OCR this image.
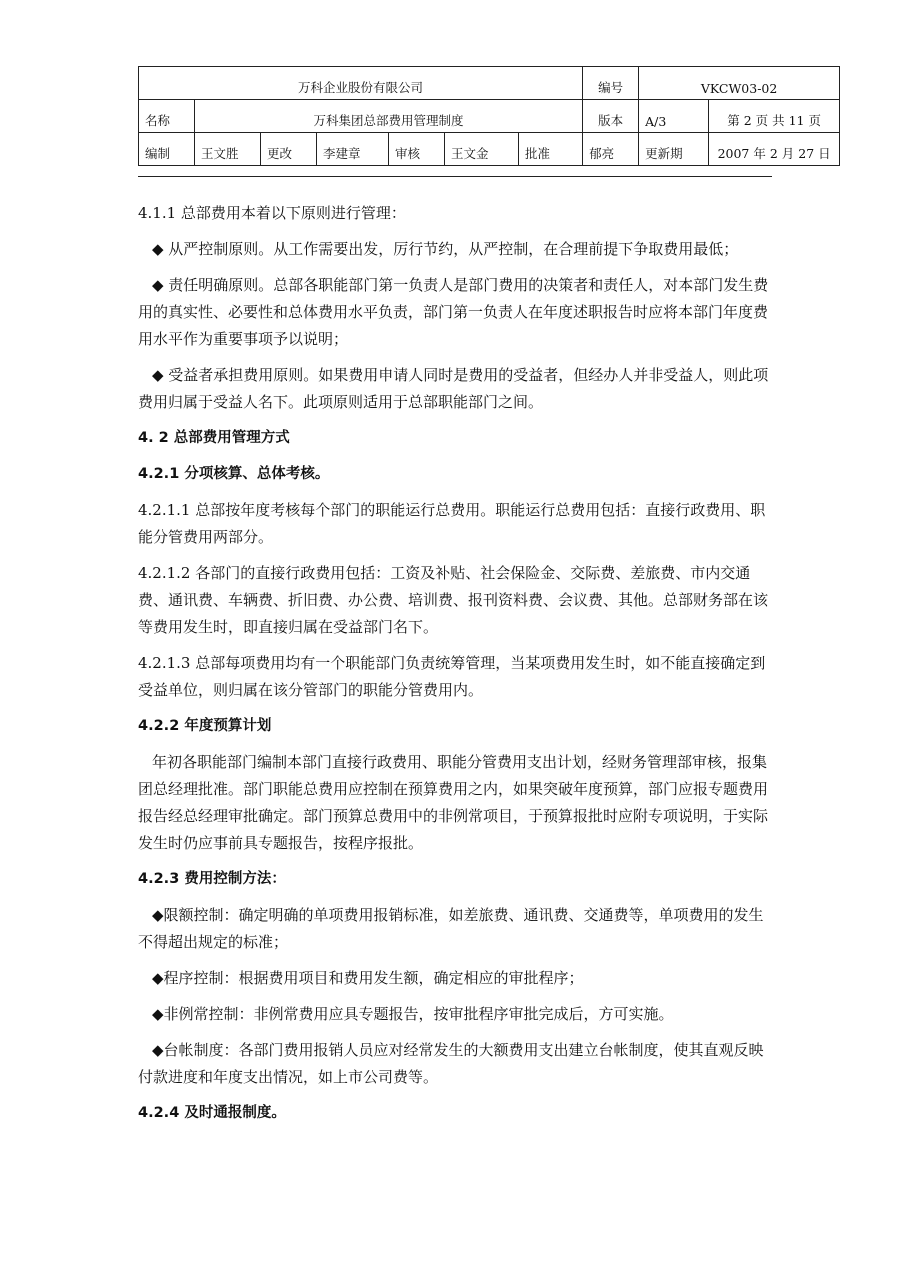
万科企业股份有限公司							编号	VKCW03-02	
名称	万科集团总部费用管理制度						版本	A/3	第 2 页 共 11 页
编制	王文胜	更改	李建章	审核	王文金	批准	郁亮	更新期	2007 年 2 月 27 日

4.1.1 总部费用本着以下原则进行管理：

◆ 从严控制原则。从工作需要出发，厉行节约，从严控制，在合理前提下争取费用最低；

◆ 责任明确原则。总部各职能部门第一负责人是部门费用的决策者和责任人，对本部门发生费用的真实性、必要性和总体费用水平负责，部门第一负责人在年度述职报告时应将本部门年度费用水平作为重要事项予以说明；

◆ 受益者承担费用原则。如果费用申请人同时是费用的受益者，但经办人并非受益人，则此项费用归属于受益人名下。此项原则适用于总部职能部门之间。

4. 2 总部费用管理方式

4.2.1 分项核算、总体考核。

4.2.1.1 总部按年度考核每个部门的职能运行总费用。职能运行总费用包括：直接行政费用、职能分管费用两部分。

4.2.1.2 各部门的直接行政费用包括：工资及补贴、社会保险金、交际费、差旅费、市内交通费、通讯费、车辆费、折旧费、办公费、培训费、报刊资料费、会议费、其他。总部财务部在该等费用发生时，即直接归属在受益部门名下。

4.2.1.3 总部每项费用均有一个职能部门负责统筹管理，当某项费用发生时，如不能直接确定到受益单位，则归属在该分管部门的职能分管费用内。

4.2.2 年度预算计划

年初各职能部门编制本部门直接行政费用、职能分管费用支出计划，经财务管理部审核，报集团总经理批准。部门职能总费用应控制在预算费用之内，如果突破年度预算，部门应报专题费用报告经总经理审批确定。部门预算总费用中的非例常项目，于预算报批时应附专项说明，于实际发生时仍应事前具专题报告，按程序报批。

4.2.3 费用控制方法：

◆限额控制：确定明确的单项费用报销标准，如差旅费、通讯费、交通费等，单项费用的发生不得超出规定的标准；

◆程序控制：根据费用项目和费用发生额，确定相应的审批程序；

◆非例常控制：非例常费用应具专题报告，按审批程序审批完成后，方可实施。

◆台帐制度：各部门费用报销人员应对经常发生的大额费用支出建立台帐制度，使其直观反映付款进度和年度支出情况，如上市公司费等。

4.2.4 及时通报制度。
